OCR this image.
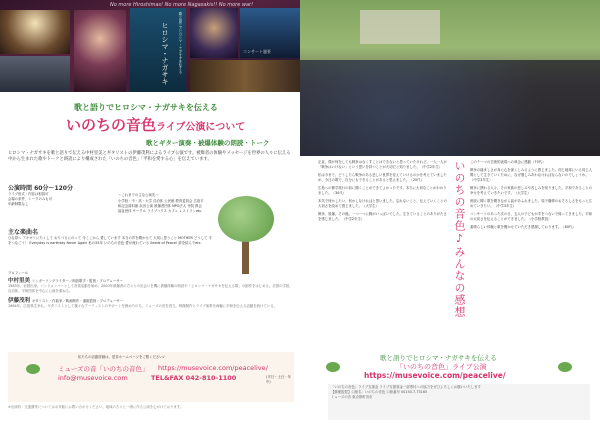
No more Hiroshimas! No more Nagasakis!! No more war!
歌と語りでヒロシマ・ナガサキを伝える
ヒロシマ・ナガサキ	コンサート風景
歌と語りでヒロシマ・ナガサキを伝える
いのちの音色ライブ公演について
歌とギター演奏・被爆体験の朗読・トーク
ヒロシマ・ナガサキを歌と語りで伝える中村里美とギタリストの伊藤茂利によるライブ公演です。被爆者の体験やメッセージを世界の人々に伝える中から生まれた歌やトークと朗読により構成された「いのちの音色」「平和を愛する心」を伝えています。
公演時間 60分〜120分
ライブ形式・内容は相談可
会場の条件、トークのみも可
年齢制限なし
〜これまでの主な公演先〜
小学校・中・高・大学 自治体 公民館 教育委員会 広島平和記念資料館 浜田公演 被爆者団体 NPO法人 寺院 教会 福祉団体 サークル ライブハウス カフェ レストランetc.
主な楽曲名
ひな祭へ アキギリにたくして おりづるにのって 今ここから 愛しています 本当の声を聞かせて 大切に思うこと MOTHER どうして 手をつなごう！ Everyday is earthday Never Again 私の55年 いのちの音色 愛が流れている Seeds of Peace! 絆を結んでetc.
プロフィール
中村里美 シンガーソングライター／朗読歌手・監督・プロデューサー
1983年、岩国出身。バンドメンバーとして音楽活動を始め、2000年被爆者の方々との出会いを機に被爆体験の朗読や「ヒロシマ・ナガサキを伝える歌」の創作をはじめる。全国の学校、自治体、平和団体を中心に公演を重ねる。
伊藤茂利 ギタリスト・作曲家／映画制作・番組監督・プロデューサー
1964年、広島県生まれ。ギタリストとして様々なアーティストのサポートを務めたのち、ミューズの音を設立。映像制作とライブ演奏を両輪に平和を伝える活動を続けている。
私たちの活動詳細は、是非ホームページをご覧ください♪
ミューズの音「いのちの音色」 https://musevoice.com/peacelive/
info@musevoice.com	TEL&FAX 042-810-1100	(平日・土日・年中)
※出演料・交通費等についてはお気軽にお問い合わせください。地域の方々と一緒に作る公演を心がけております。
いのちの音色♪みんなの感想

正直、僕が何をしても戦争はなくすことはできないと思っていたけれど、一人一人が「戦争はいけない」という思いを持つことが大切だと知りました。（中学2年生）

私は今まで、どうしたら戦争のある悲しい世界を変えていけるのかを考えていましたが、今日の歌で、自分にもできることがあると思えました。（20代）

広島への修学旅行の前に聞くことができてよかったです。本当に大切なことがわかりました。（30代）

本気で何かしたい、何かしなければと思いました。忘れないこと、伝えていくことの大切さを改めて感じました。（大学生）

戦争、原爆、その後。一つ一つに胸がいっぱいでした。生きていることのありがたさを感じました。（中学2年生）

このテーマの芸術的表現への執念に感動（70代）

戦争の痛ましさが身に心を深くしみるように感じました。同じ地球にいる同じ人間として生きていくために、なぜ憎しみあわなければならないのでしょうか。（中学3年生）

戦争に関わる人々、その家族の悲しみや苦しみを知りました。平和であることの幸せを考えていきたいです。（大学生）

朗読に聞く歌を聞きながら涙があふれました。原子爆弾のおそろしさをもっと広めていきたい。（中学3年生）

コンサートのあった次の日、五人の子どもが手をつないで帰ってきました。平和の大切さを伝えることができました。（小学校教員）

素晴らしい体験と歌を聞かせていただき感謝しております。（80代）

歌と語りでヒロシマ・ナガサキを伝える
「いのちの音色」ライブ公演
https://musevoice.com/peacelive/
「いのちの音色」ライブ支援金 ライブ支援募金一部寄付への協力をぜひよろしくお願いいたします
【郵便振替】口座名：いのちの音色 口座番号 00150-7-73165
ミューズの音 東京都町田市
